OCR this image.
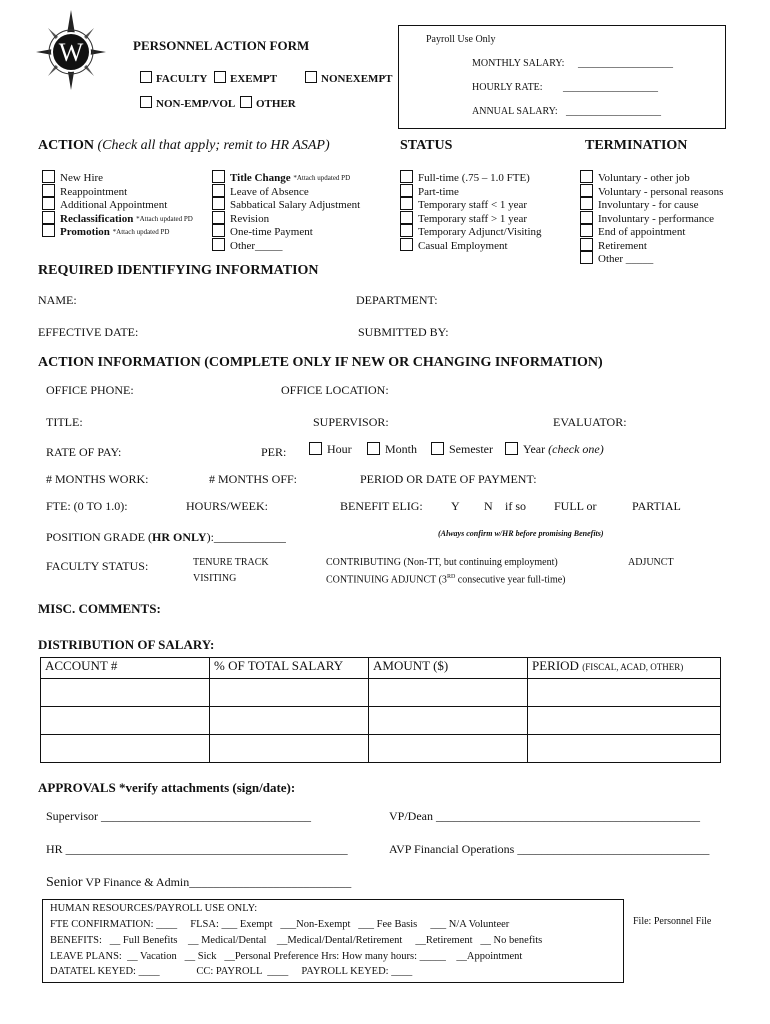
W	PERSONNEL ACTION FORM
FACULTY	EXEMPT	NONEXEMPT
NON-EMP/VOL	OTHER
Payroll Use Only
MONTHLY SALARY: ___________________
HOURLY RATE: ___________________
ANNUAL SALARY: ___________________
ACTION (Check all that apply; remit to HR ASAP)	STATUS	TERMINATION
New Hire
Reappointment
Additional Appointment
Reclassification *Attach updated PD
Promotion *Attach updated PD
Title Change *Attach updated PD
Leave of Absence
Sabbatical Salary Adjustment
Revision
One-time Payment
Other_____
Full-time (.75 – 1.0 FTE)
Part-time
Temporary staff < 1 year
Temporary staff > 1 year
Temporary Adjunct/Visiting
Casual Employment
Voluntary - other job
Voluntary - personal reasons
Involuntary - for cause
Involuntary - performance
End of appointment
Retirement
Other _____
REQUIRED IDENTIFYING INFORMATION
NAME:	DEPARTMENT:
EFFECTIVE DATE:	SUBMITTED BY:
ACTION INFORMATION (COMPLETE ONLY IF NEW OR CHANGING INFORMATION)
OFFICE PHONE:	OFFICE LOCATION:
TITLE:	SUPERVISOR:	EVALUATOR:
RATE OF PAY:	PER:	Hour	Month	Semester	Year (check one)
# MONTHS WORK:	# MONTHS OFF:	PERIOD OR DATE OF PAYMENT:
FTE: (0 TO 1.0):	HOURS/WEEK:	BENEFIT ELIG: Y N if so FULL or	PARTIAL
POSITION GRADE (HR ONLY):____________	(Always confirm w/HR before promising Benefits)
FACULTY STATUS:	TENURE TRACK
VISITING
CONTRIBUTING (Non-TT, but continuing employment)	ADJUNCT
CONTINUING ADJUNCT (3RD consecutive year full-time)
MISC. COMMENTS:
DISTRIBUTION OF SALARY:
ACCOUNT #	% OF TOTAL SALARY	AMOUNT ($)	PERIOD (FISCAL, ACAD, OTHER)

APPROVALS *verify attachments (sign/date):
Supervisor ___________________________________	VP/Dean ____________________________________________
HR _______________________________________________	AVP Financial Operations ________________________________
Senior VP Finance & Admin___________________________
HUMAN RESOURCES/PAYROLL USE ONLY:
FTE CONFIRMATION: ____     FLSA: ___ Exempt   ___Non-Exempt   ___ Fee Basis     ___ N/A Volunteer
BENEFITS:   __ Full Benefits    __ Medical/Dental    __Medical/Dental/Retirement     __Retirement   __ No benefits
LEAVE PLANS:  __ Vacation   __ Sick   __Personal Preference Hrs: How many hours: _____    __Appointment
DATATEL KEYED: ____              CC: PAYROLL  ____     PAYROLL KEYED: ____
File: Personnel File
